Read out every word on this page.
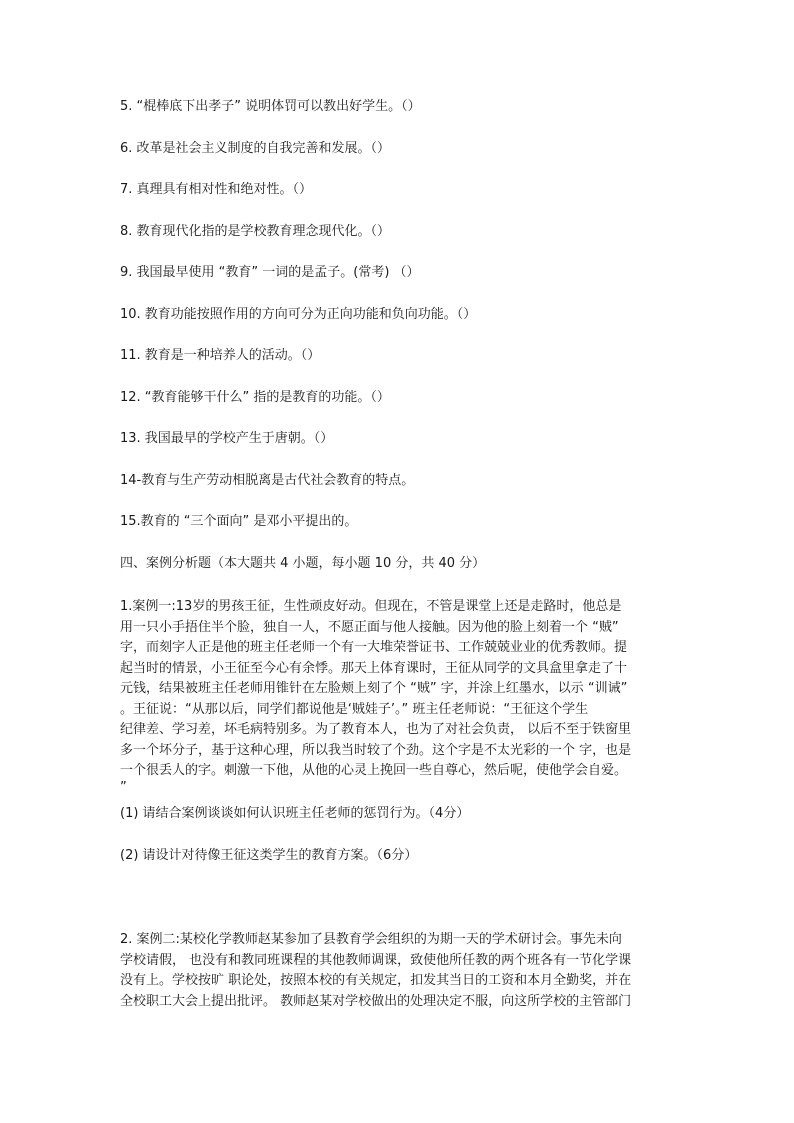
5. “棍棒底下出孝子” 说明体罚可以教出好学生。（）
6. 改革是社会主义制度的自我完善和发展。（）
7. 真理具有相对性和绝对性。（）
8. 教育现代化指的是学校教育理念现代化。（）
9. 我国最早使用 “教育” 一词的是孟子。(常考) （）
10. 教育功能按照作用的方向可分为正向功能和负向功能。（）
11. 教育是一种培养人的活动。（）
12. “教育能够干什么” 指的是教育的功能。（）
13. 我国最早的学校产生于唐朝。（）
14-教育与生产劳动相脱离是古代社会教育的特点。
15.教育的 “三个面向” 是邓小平提出的。
四、案例分析题（本大题共 4 小题，每小题 10 分，共 40 分）
1.案例一:13岁的男孩王征，生性顽皮好动。但现在，不管是课堂上还是走路时，他总是
用一只小手捂住半个脸，独自一人，不愿正面与他人接触。因为他的脸上刻着一个 “贼”
字，而刻字人正是他的班主任老师一个有一大堆荣誉证书、工作兢兢业业的优秀教师。提
起当时的情景，小王征至今心有余悸。那天上体育课时，王征从同学的文具盒里拿走了十
元钱，结果被班主任老师用锥针在左脸颊上刻了个 “贼” 字，并涂上红墨水，以示 “训诫”
。王征说：“从那以后，同学们都说他是‘贼娃子’。” 班主任老师说：“王征这个学生
纪律差、学习差，坏毛病特别多。为了教育本人，也为了对社会负责， 以后不至于铁窗里
多一个坏分子，基于这种心理，所以我当时较了个劲。这个字是不太光彩的一个 字，也是
一个很丢人的字。刺激一下他，从他的心灵上挽回一些自尊心，然后呢，使他学会自爱。
”
(1) 请结合案例谈谈如何认识班主任老师的惩罚行为。（4分）
(2) 请设计对待像王征这类学生的教育方案。（6分）
2. 案例二:某校化学教师赵某参加了县教育学会组织的为期一天的学术研讨会。事先未向
学校请假， 也没有和教同班课程的其他教师调课，致使他所任教的两个班各有一节化学课
没有上。学校按旷 职论处，按照本校的有关规定，扣发其当日的工资和本月全勤奖，并在
全校职工大会上提出批评。 教师赵某对学校做出的处理决定不服，向这所学校的主管部门
